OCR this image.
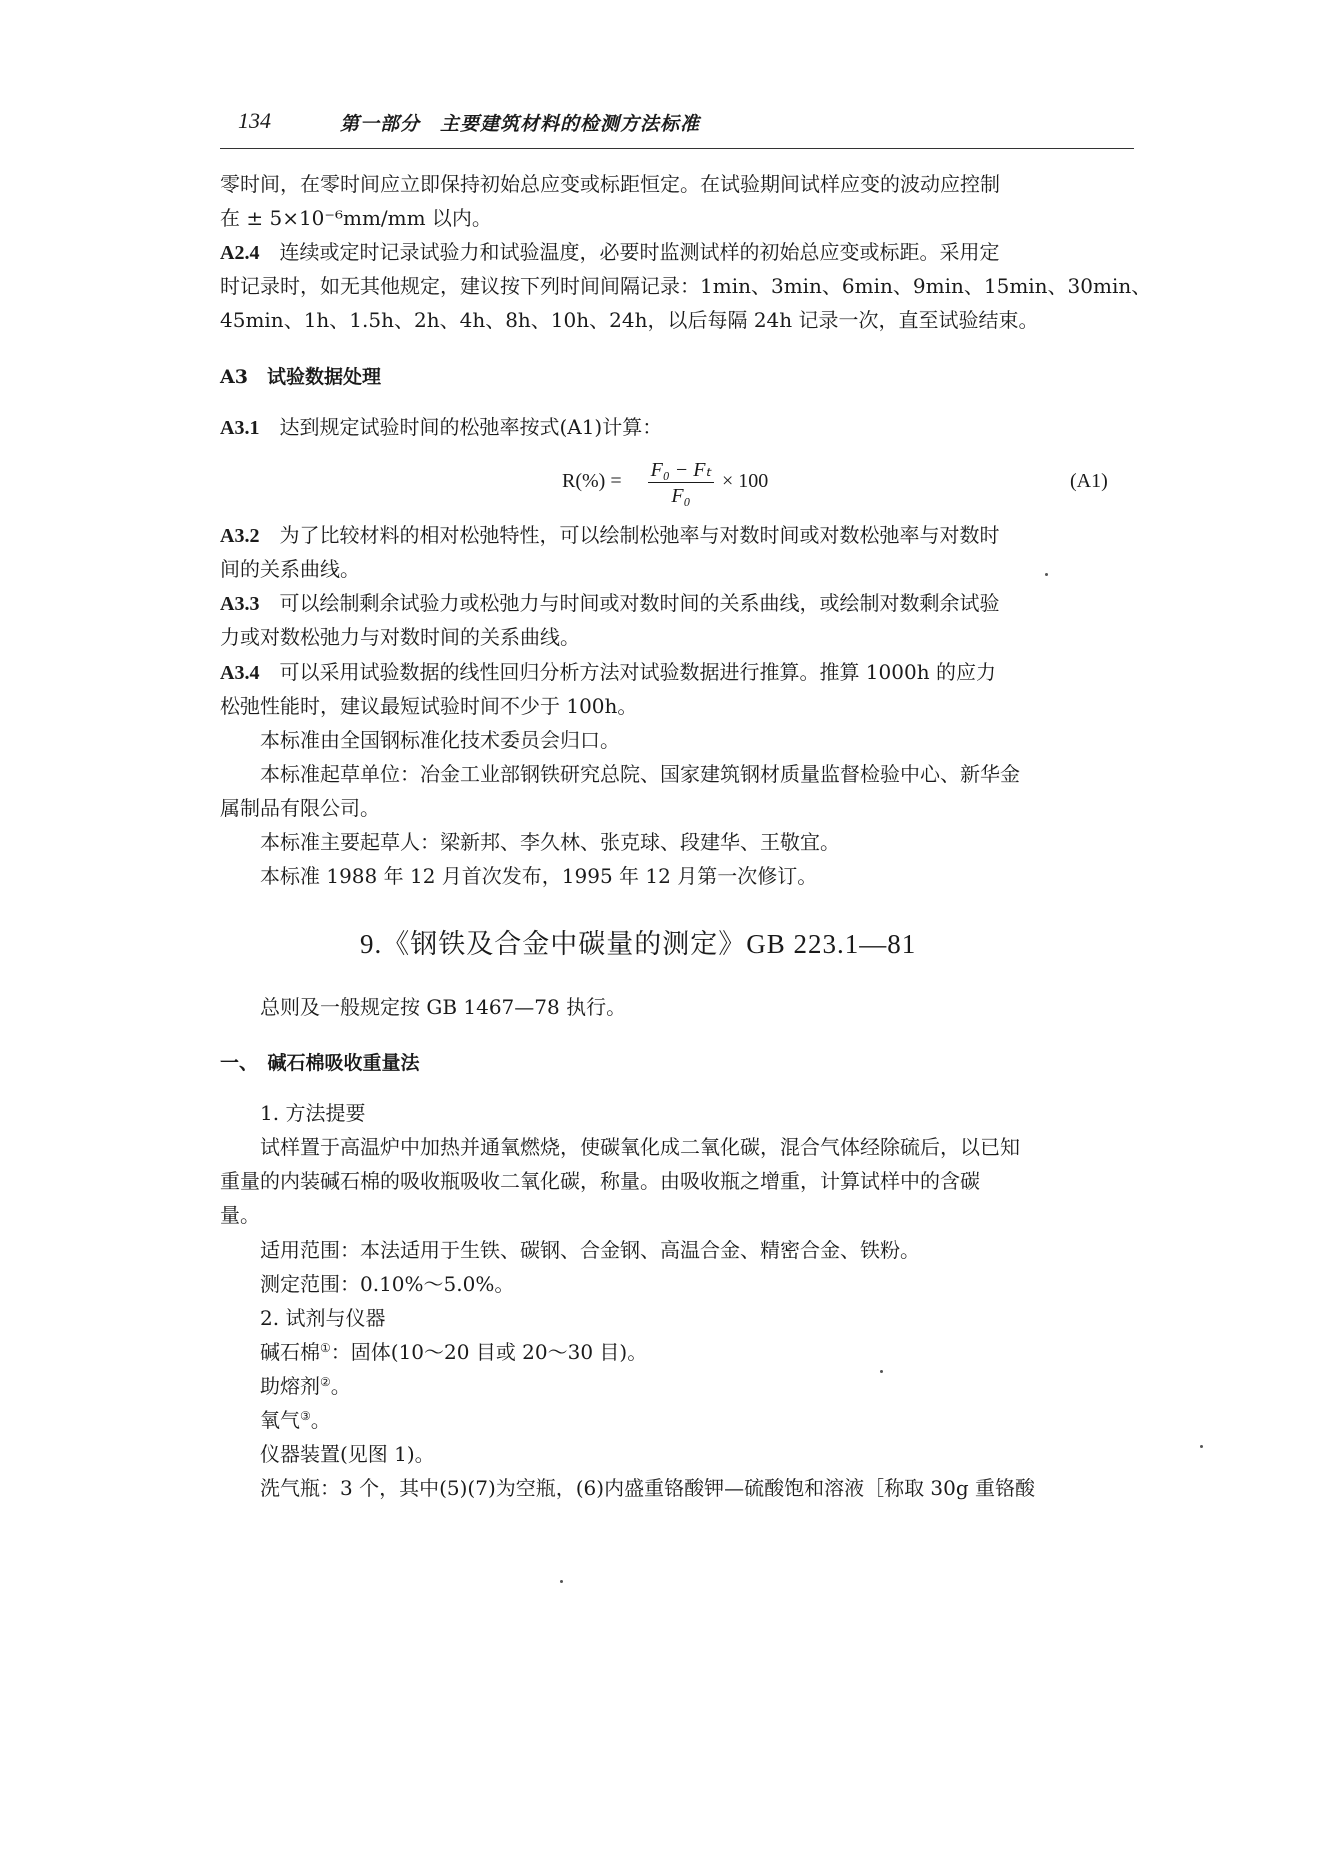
134	第一部分　主要建筑材料的检测方法标准
零时间，在零时间应立即保持初始总应变或标距恒定。在试验期间试样应变的波动应控制
在 ± 5×10⁻⁶mm/mm 以内。
A2.4　 连续或定时记录试验力和试验温度，必要时监测试样的初始总应变或标距。采用定
时记录时，如无其他规定，建议按下列时间间隔记录：1min、3min、6min、9min、15min、30min、
45min、1h、1.5h、2h、4h、8h、10h、24h，以后每隔 24h 记录一次，直至试验结束。
A3　试验数据处理
A3.1　 达到规定试验时间的松弛率按式(A1)计算：
$R(\%) = \frac{\text{F₀ − Fₜ}}{\text{F₀}} \times 100$	(A1)
A3.2　 为了比较材料的相对松弛特性，可以绘制松弛率与对数时间或对数松弛率与对数时
间的关系曲线。
A3.3　 可以绘制剩余试验力或松弛力与时间或对数时间的关系曲线，或绘制对数剩余试验
力或对数松弛力与对数时间的关系曲线。
A3.4　 可以采用试验数据的线性回归分析方法对试验数据进行推算。推算 1000h 的应力
松弛性能时，建议最短试验时间不少于 100h。
本标准由全国钢标准化技术委员会归口。
本标准起草单位：冶金工业部钢铁研究总院、国家建筑钢材质量监督检验中心、新华金
属制品有限公司。
本标准主要起草人：梁新邦、李久林、张克球、段建华、王敬宜。
本标准 1988 年 12 月首次发布，1995 年 12 月第一次修订。
9.《钢铁及合金中碳量的测定》GB 223.1—81
总则及一般规定按 GB 1467—78 执行。
一、　碱石棉吸收重量法
1. 方法提要
试样置于高温炉中加热并通氧燃烧，使碳氧化成二氧化碳，混合气体经除硫后，以已知
重量的内装碱石棉的吸收瓶吸收二氧化碳，称量。由吸收瓶之增重，计算试样中的含碳
量。
适用范围：本法适用于生铁、碳钢、合金钢、高温合金、精密合金、铁粉。
测定范围：0.10%～5.0%。
2. 试剂与仪器
碱石棉①：固体(10～20 目或 20～30 目)。
助熔剂②。
氧气③。
仪器装置(见图 1)。
洗气瓶：3 个，其中(5)(7)为空瓶，(6)内盛重铬酸钾—硫酸饱和溶液［称取 30g 重铬酸
